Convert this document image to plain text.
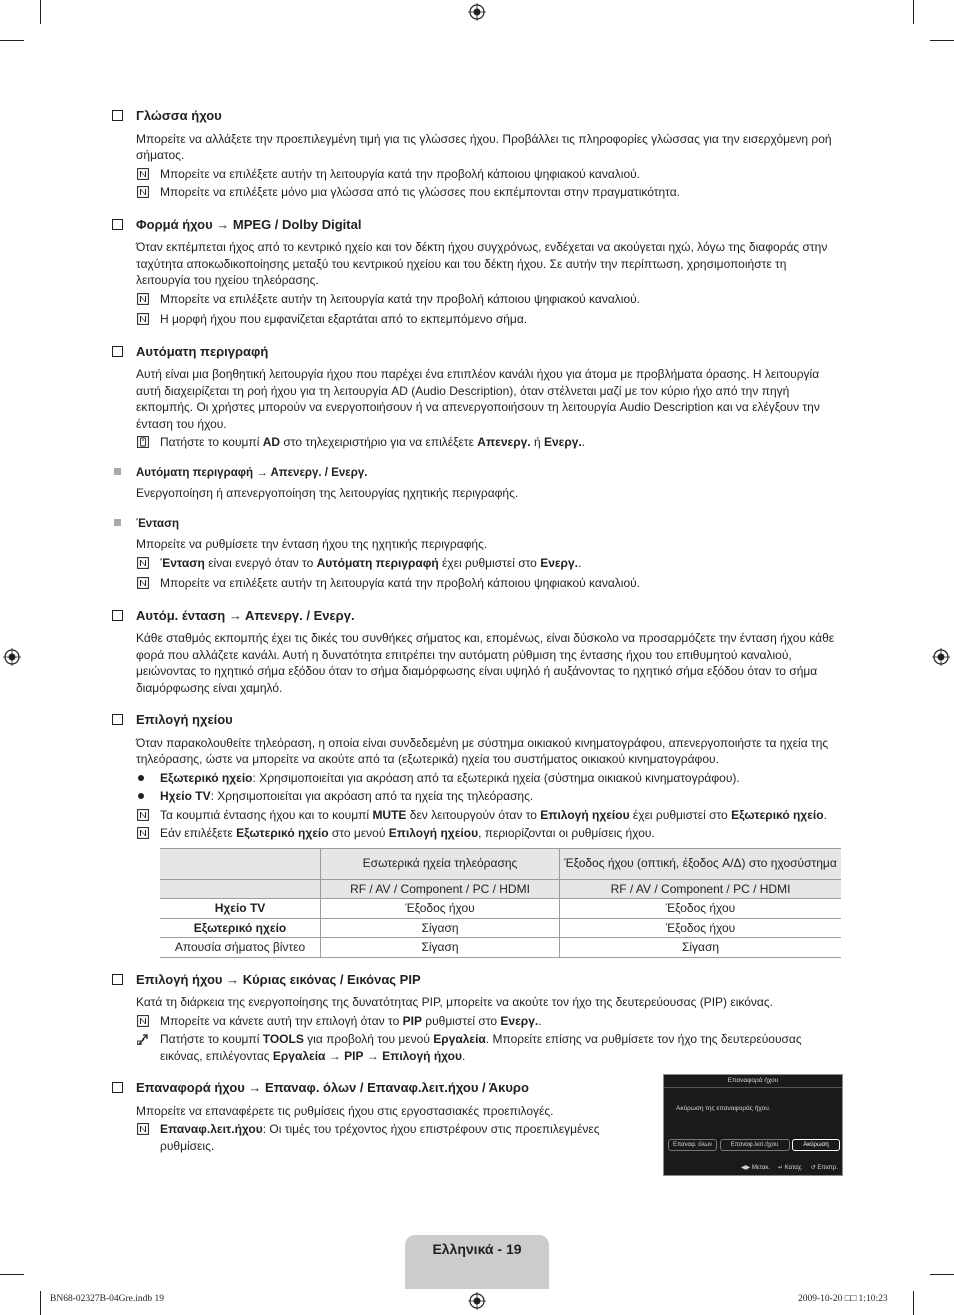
Γλώσσα ήχου

Μπορείτε να αλλάξετε την προεπιλεγμένη τιμή για τις γλώσσες ήχου. Προβάλλει τις πληροφορίες γλώσσας για την εισερχόμενη ροή σήματος.

Μπορείτε να επιλέξετε αυτήν τη λειτουργία κατά την προβολή κάποιου ψηφιακού καναλιού.
Μπορείτε να επιλέξετε μόνο μια γλώσσα από τις γλώσσες που εκπέμπονται στην πραγματικότητα.
Φορμά ήχου → MPEG / Dolby Digital

Όταν εκπέμπεται ήχος από το κεντρικό ηχείο και τον δέκτη ήχου συγχρόνως, ενδέχεται να ακούγεται ηχώ, λόγω της διαφοράς στην ταχύτητα αποκωδικοποίησης μεταξύ του κεντρικού ηχείου και του δέκτη ήχου. Σε αυτήν την περίπτωση, χρησιμοποιήστε τη λειτουργία του ηχείου τηλεόρασης.

Μπορείτε να επιλέξετε αυτήν τη λειτουργία κατά την προβολή κάποιου ψηφιακού καναλιού.
Η μορφή ήχου που εμφανίζεται εξαρτάται από το εκπεμπόμενο σήμα.
Αυτόματη περιγραφή

Αυτή είναι μια βοηθητική λειτουργία ήχου που παρέχει ένα επιπλέον κανάλι ήχου για άτομα με προβλήματα όρασης. Η λειτουργία αυτή διαχειρίζεται τη ροή ήχου για τη λειτουργία AD (Audio Description), όταν στέλνεται μαζί με τον κύριο ήχο από την πηγή εκπομπής. Οι χρήστες μπορούν να ενεργοποιήσουν ή να απενεργοποιήσουν τη λειτουργία Audio Description και να ελέγξουν την ένταση του ήχου.

Πατήστε το κουμπί AD στο τηλεχειριστήριο για να επιλέξετε Απενεργ. ή Ενεργ..
Αυτόματη περιγραφή → Απενεργ. / Ενεργ.

Ενεργοποίηση ή απενεργοποίηση της λειτουργίας ηχητικής περιγραφής.

Ένταση

Μπορείτε να ρυθμίσετε την ένταση ήχου της ηχητικής περιγραφής.

Ένταση είναι ενεργό όταν το Αυτόματη περιγραφή έχει ρυθμιστεί στο Ενεργ..
Μπορείτε να επιλέξετε αυτήν τη λειτουργία κατά την προβολή κάποιου ψηφιακού καναλιού.
Αυτόμ. ένταση → Απενεργ. / Ενεργ.

Κάθε σταθμός εκπομπής έχει τις δικές του συνθήκες σήματος και, επομένως, είναι δύσκολο να προσαρμόζετε την ένταση ήχου κάθε φορά που αλλάζετε κανάλι. Αυτή η δυνατότητα επιτρέπει την αυτόματη ρύθμιση της έντασης ήχου του επιθυμητού καναλιού, μειώνοντας το ηχητικό σήμα εξόδου όταν το σήμα διαμόρφωσης είναι υψηλό ή αυξάνοντας το ηχητικό σήμα εξόδου όταν το σήμα διαμόρφωσης είναι χαμηλό.

Επιλογή ηχείου

Όταν παρακολουθείτε τηλεόραση, η οποία είναι συνδεδεμένη με σύστημα οικιακού κινηματογράφου, απενεργοποιήστε τα ηχεία της τηλεόρασης, ώστε να μπορείτε να ακούτε από τα (εξωτερικά) ηχεία του συστήματος οικιακού κινηματογράφου.

Εξωτερικό ηχείο: Χρησιμοποιείται για ακρόαση από τα εξωτερικά ηχεία (σύστημα οικιακού κινηματογράφου).
Ηχείο TV: Χρησιμοποιείται για ακρόαση από τα ηχεία της τηλεόρασης.
Τα κουμπιά έντασης ήχου και το κουμπί MUTE δεν λειτουργούν όταν το Επιλογή ηχείου έχει ρυθμιστεί στο Εξωτερικό ηχείο.
Εάν επιλέξετε Εξωτερικό ηχείο στο μενού Επιλογή ηχείου, περιορίζονται οι ρυθμίσεις ήχου.
	Εσωτερικά ηχεία τηλεόρασης	Έξοδος ήχου (οπτική, έξοδος A/Δ) στο ηχοσύστημα
	RF / AV / Component / PC / HDMI	RF / AV / Component / PC / HDMI
Ηχείο TV	Έξοδος ήχου	Έξοδος ήχου
Εξωτερικό ηχείο	Σίγαση	Έξοδος ήχου
Απουσία σήματος βίντεο	Σίγαση	Σίγαση
Επιλογή ήχου → Κύριας εικόνας / Εικόνας PIP

Κατά τη διάρκεια της ενεργοποίησης της δυνατότητας PIP, μπορείτε να ακούτε τον ήχο της δευτερεύουσας (PIP) εικόνας.

Μπορείτε να κάνετε αυτή την επιλογή όταν το PIP ρυθμιστεί στο Ενεργ..
Πατήστε το κουμπί TOOLS για προβολή του μενού Εργαλεία. Μπορείτε επίσης να ρυθμίσετε τον ήχο της δευτερεύουσας εικόνας, επιλέγοντας Εργαλεία → PIP → Επιλογή ήχου.
Επαναφορά ήχου → Επαναφ. όλων / Επαναφ.λειτ.ήχου / Άκυρο

Μπορείτε να επαναφέρετε τις ρυθμίσεις ήχου στις εργοστασιακές προεπιλογές.

Επαναφ.λειτ.ήχου: Οι τιμές του τρέχοντος ήχου επιστρέφουν στις προεπιλεγμένες ρυθμίσεις.
Επαναφορά ήχου
Ακύρωση της επαναφοράς ήχου.
Επαναφ. όλων	Επαναφ.λειτ.ήχου	Ακύρωση
◀▶ Μετακ. ↵ Καταχ. ↺ Επιστρ.
Ελληνικά - 19
BN68-02327B-04Gre.indb 19	2009-10-20 □□ 1:10:23
